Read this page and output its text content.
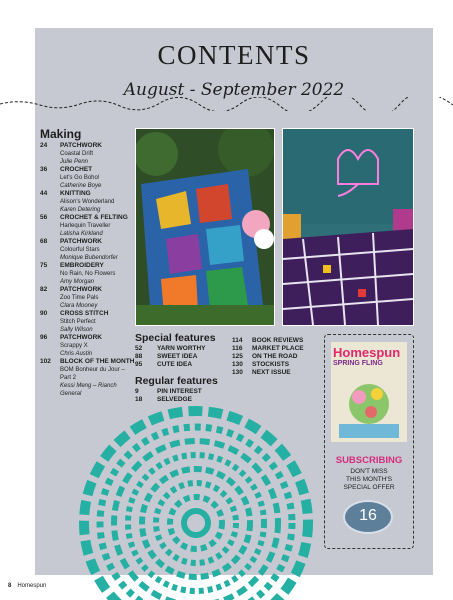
CONTENTS
August - September 2022
Making
24	PATCHWORK
Coastal Drift
Julie Penn
36	CROCHET
Let's Go Boho!
Catherine Boye
44	KNITTING
Alison's Wonderland
Karen Detering
56	CROCHET & FELTING
Harlequin Traveller
Latisha Kirkland
68	PATCHWORK
Colourful Stars
Monique Bubendorfer
75	EMBROIDERY
No Rain, No Flowers
Amy Morgan
82	PATCHWORK
Zoo Time Pals
Clara Mooney
90	CROSS STITCH
Stitch Perfect
Sally Wilson
96	PATCHWORK
Scrappy X
Chris Austin
102	BLOCK OF THE MONTH
BOM Bonheur du Jour – Part 2
Kessi Meng – Rianch General
Special features
52	YARN WORTHY
88	SWEET IDEA
95	CUTE IDEA
Regular features
9	PIN INTEREST
18	SELVEDGE
114	BOOK REVIEWS
116	MARKET PLACE
125	ON THE ROAD
130	STOCKISTS
130	NEXT ISSUE
Homespun
SPRING FLING
SUBSCRIBING
DON'T MISS
THIS MONTH'S
SPECIAL OFFER
16
8 Homespun
